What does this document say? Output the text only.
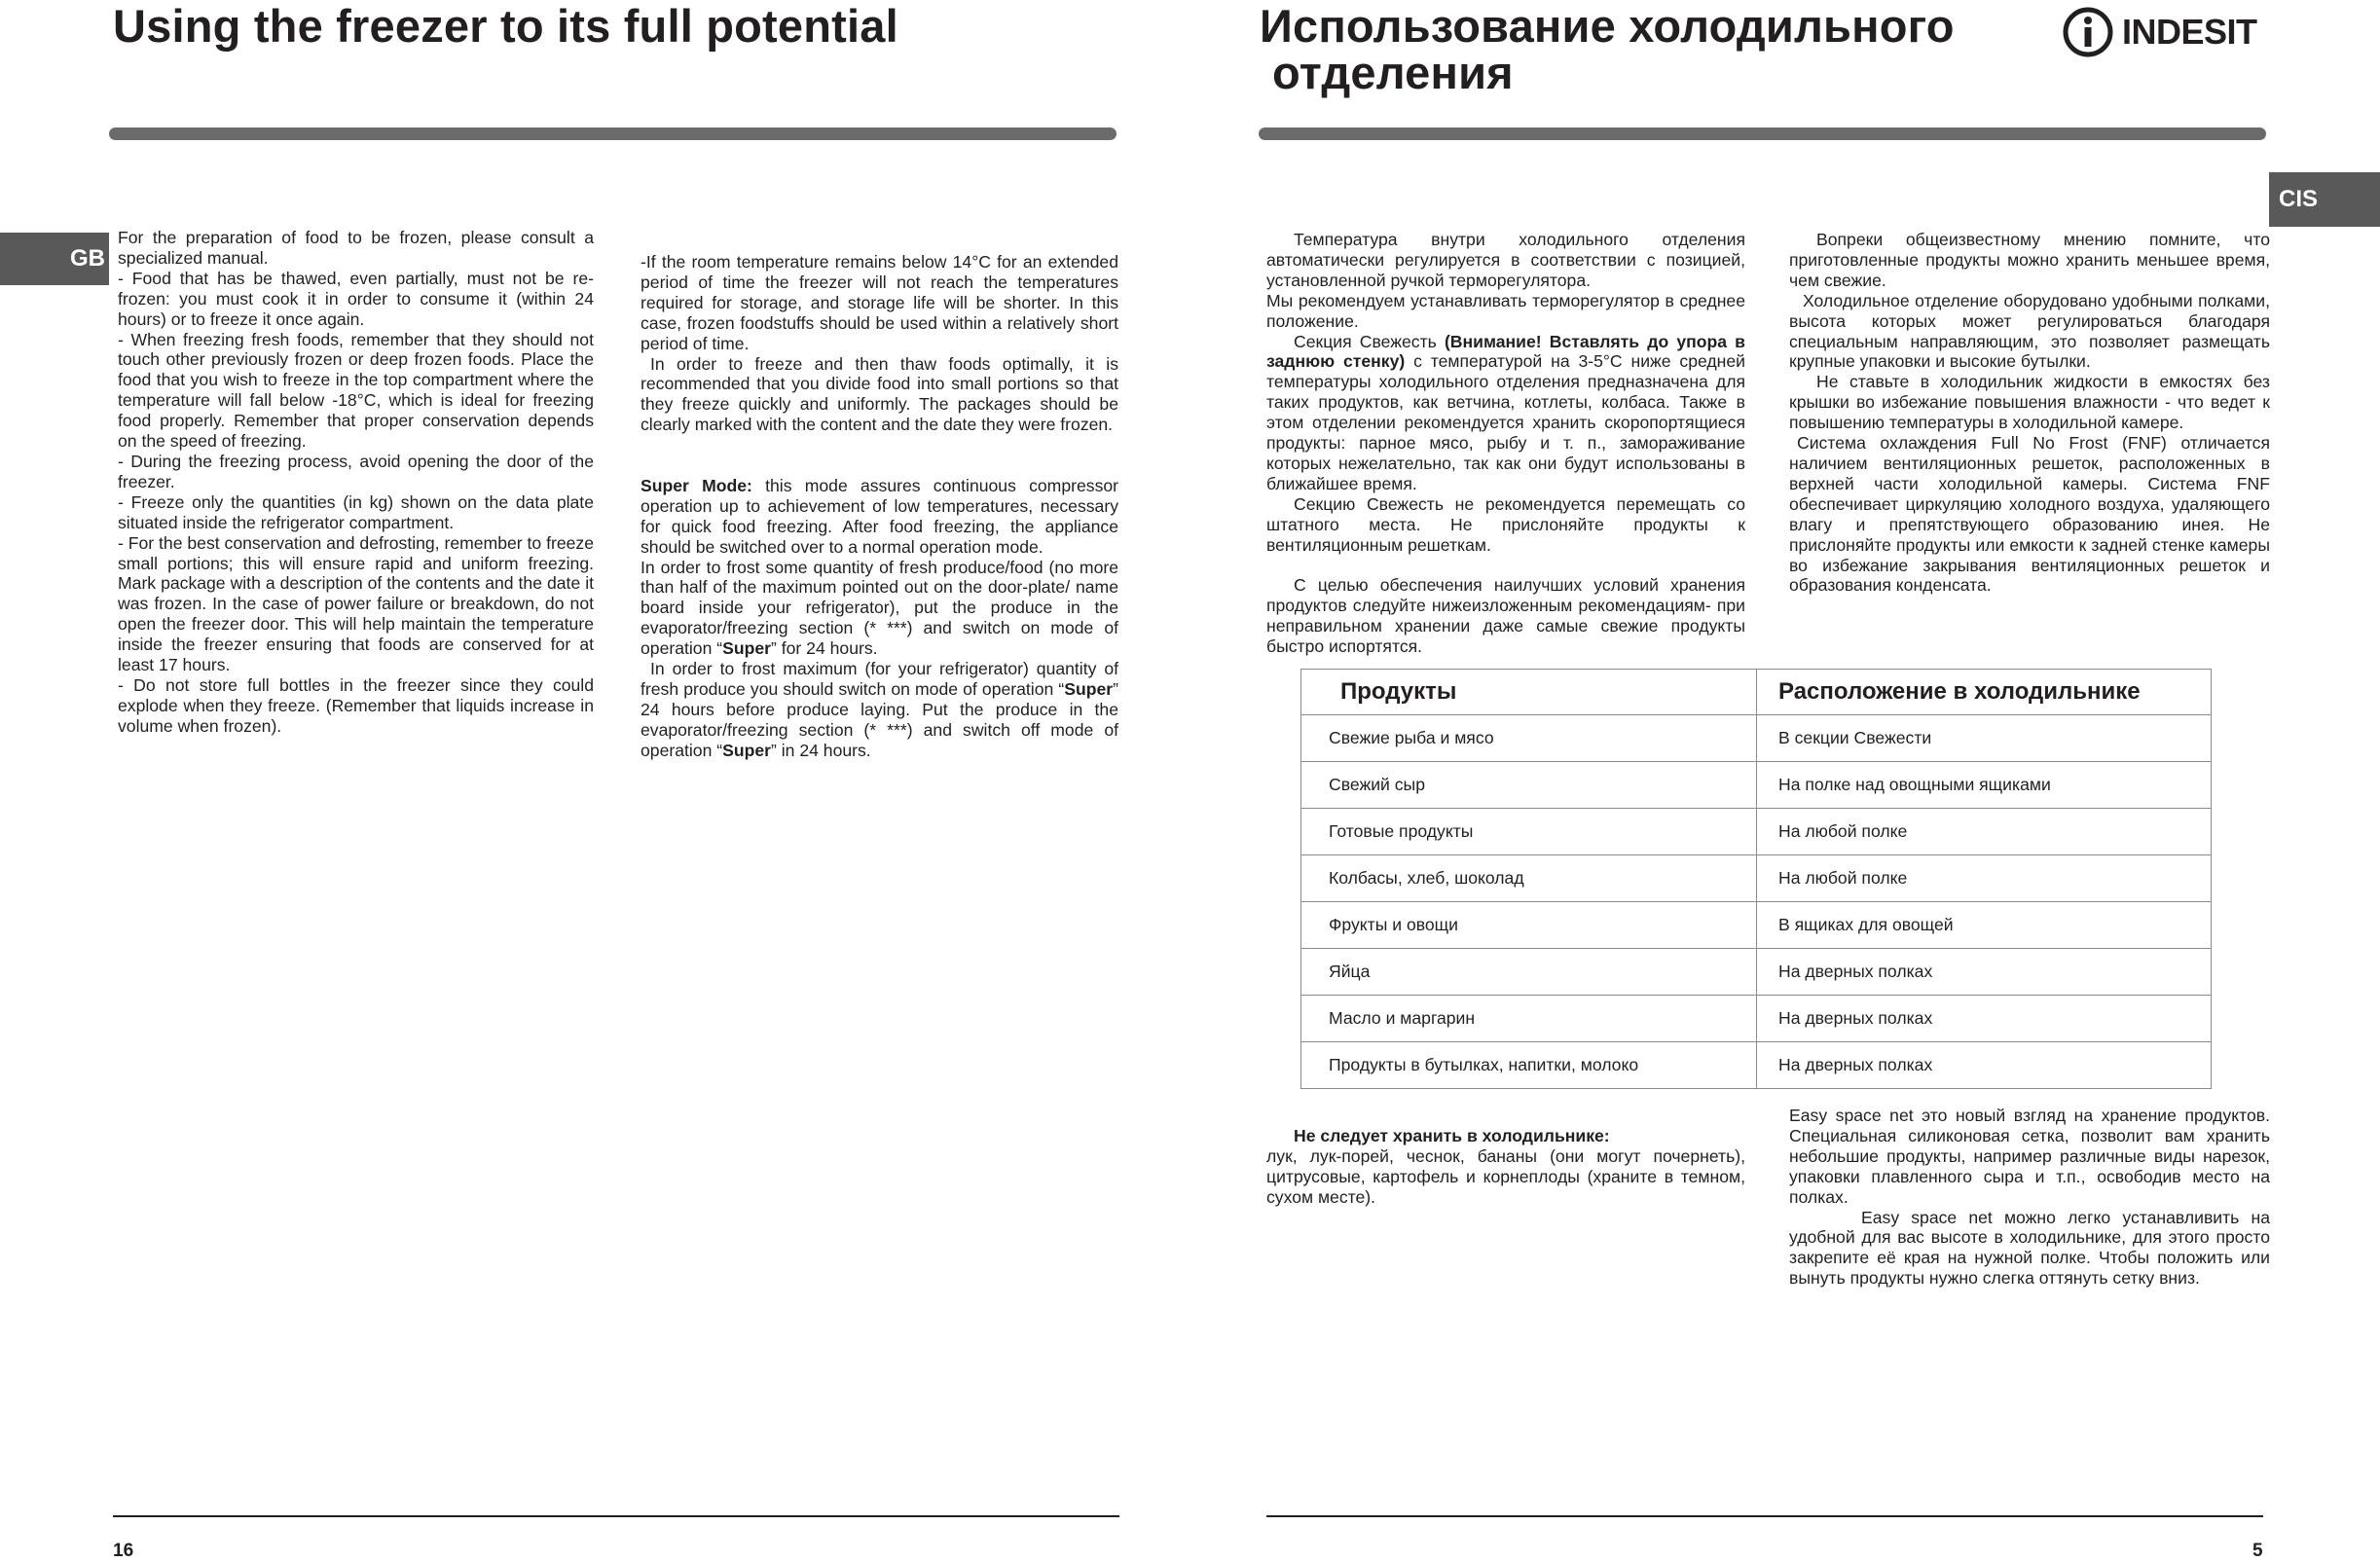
Using the freezer to its full potential
GB

For the preparation of food to be frozen, please consult a specialized manual.

- Food that has be thawed, even partially, must not be re-frozen: you must cook it in order to consume it (within 24 hours) or to freeze it once again.

- When freezing fresh foods, remember that they should not touch other previously frozen or deep frozen foods. Place the food that you wish to freeze in the top compartment where the temperature will fall below -18°C, which is ideal for freezing food properly. Remember that proper conservation depends on the speed of freezing.

- During the freezing process, avoid opening the door of the freezer.

- Freeze only the quantities (in kg) shown on the data plate situated inside the refrigerator compartment.

- For the best conservation and defrosting, remember to freeze small portions; this will ensure rapid and uniform freezing. Mark package with a description of the contents and the date it was frozen. In the case of power failure or breakdown, do not open the freezer door. This will help maintain the temperature inside the freezer ensuring that foods are conserved for at least 17 hours.

- Do not store full bottles in the freezer since they could explode when they freeze. (Remember that liquids increase in volume when frozen).

-If the room temperature remains below 14°C for an extended period of time the freezer will not reach the temperatures required for storage, and storage life will be shorter. In this case, frozen foodstuffs should be used within a relatively short period of time.

In order to freeze and then thaw foods optimally, it is recommended that you divide food into small portions so that they freeze quickly and uniformly. The packages should be clearly marked with the content and the date they were frozen.

Super Mode: this mode assures continuous compressor operation up to achievement of low temperatures, necessary for quick food freezing. After food freezing, the appliance should be switched over to a normal operation mode.

In order to frost some quantity of fresh produce/food (no more than half of the maximum pointed out on the door-plate/ name board inside your refrigerator), put the produce in the evaporator/freezing section (* ***) and switch on mode of operation “Super” for 24 hours.

In order to frost maximum (for your refrigerator) quantity of fresh produce you should switch on mode of operation “Super” 24 hours before produce laying. Put the produce in the evaporator/freezing section (* ***) and switch off mode of operation “Super” in 24 hours.

16
Использование холодильного
отделения
INDESIT
CIS

Температура внутри холодильного отделения автоматически регулируется в соответствии с позицией, установленной ручкой терморегулятора.

Мы рекомендуем устанавливать терморегулятор в среднее положение.

Секция Свежесть (Внимание! Вставлять до упора в заднюю стенку) с температурой на 3-5°С ниже средней температуры холодильного отделения предназначена для таких продуктов, как ветчина, котлеты, колбаса. Также в этом отделении рекомендуется хранить скоропортящиеся продукты: парное мясо, рыбу и т. п., замораживание которых нежелательно, так как они будут использованы в ближайшее время.

Секцию Свежесть не рекомендуется перемещать со штатного места. Не прислоняйте продукты к вентиляционным решеткам.

С целью обеспечения наилучших условий хранения продуктов следуйте нижеизложенным рекомендациям- при неправильном хранении даже самые свежие продукты быстро испортятся.

Вопреки общеизвестному мнению помните, что приготовленные продукты можно хранить меньшее время, чем свежие.

Холодильное отделение оборудовано удобными полками, высота которых может регулироваться благодаря специальным направляющим, это позволяет размещать крупные упаковки и высокие бутылки.

Не ставьте в холодильник жидкости в емкостях без крышки во избежание повышения влажности - что ведет к повышению температуры в холодильной камере.

Система охлаждения Full No Frost (FNF) отличается наличием вентиляционных решеток, расположенных в верхней части холодильной камеры. Система FNF обеспечивает циркуляцию холодного воздуха, удаляющего влагу и препятствующего образованию инея. Не прислоняйте продукты или емкости к задней стенке камеры во избежание закрывания вентиляционных решеток и образования конденсата.

Продукты	Расположение в холодильнике
Свежие рыба и мясо	В секции Свежести
Свежий сыр	На полке над овощными ящиками
Готовые продукты	На любой полке
Колбасы, хлеб, шоколад	На любой полке
Фрукты и овощи	В ящиках для овощей
Яйца	На дверных полках
Масло и маргарин	На дверных полках
Продукты в бутылках, напитки, молоко	На дверных полках

Не следует хранить в холодильнике:

лук, лук-порей, чеснок, бананы (они могут почернеть), цитрусовые, картофель и корнеплоды (храните в темном, сухом месте).

Easy space net это новый взгляд на хранение продуктов. Специальная силиконовая сетка, позволит вам хранить небольшие продукты, например различные виды нарезок, упаковки плавленного сыра и т.п., освободив место на полках.

Easy space net можно легко устанавливить на удобной для вас высоте в холодильнике, для этого просто закрепите её края на нужной полке. Чтобы положить или вынуть продукты нужно слегка оттянуть сетку вниз.

5
